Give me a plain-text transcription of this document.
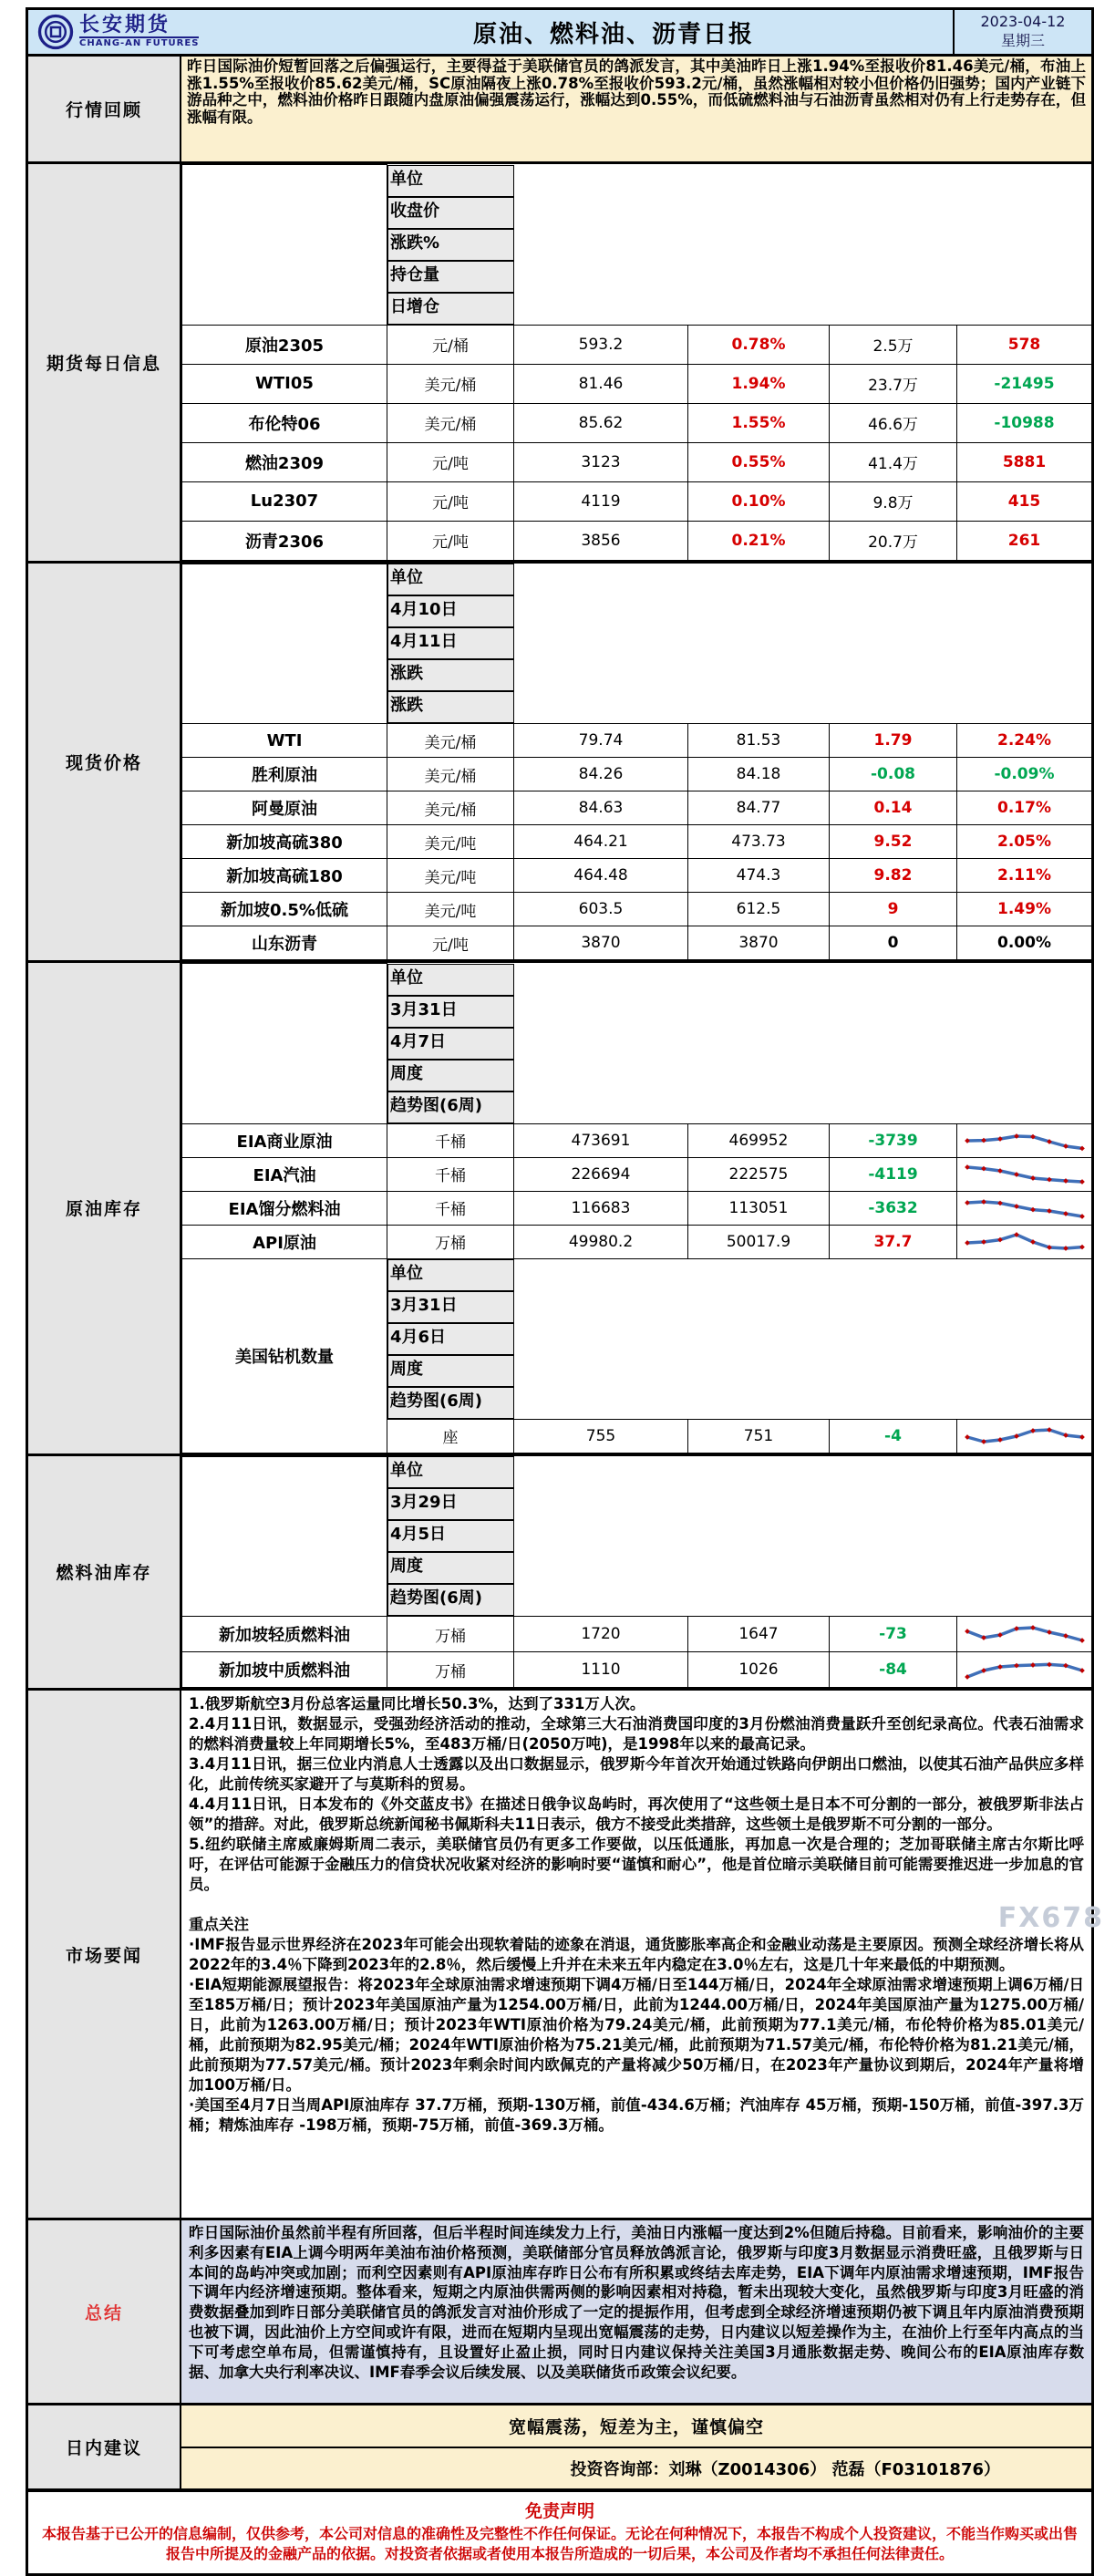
长安期货
CHANG-AN FUTURES	原油、燃料油、沥青日报	2023-04-12
星期三
行情回顾
昨日国际油价短暂回落之后偏强运行，主要得益于美联储官员的鸽派发言，其中美油昨日上涨1.94%至报收价81.46美元/桶，布油上涨1.55%至报收价85.62美元/桶，SC原油隔夜上涨0.78%至报收价593.2元/桶，虽然涨幅相对较小但价格仍旧强势；国内产业链下游品种之中，燃料油价格昨日跟随内盘原油偏强震荡运行，涨幅达到0.55%，而低硫燃料油与石油沥青虽然相对仍有上行走势存在，但涨幅有限。
期货每日信息

单位
收盘价
涨跌%
持仓量
日增仓

原油2305	元/桶	593.2	0.78%	2.5万	578
WTI05	美元/桶	81.46	1.94%	23.7万	-21495
布伦特06	美元/桶	85.62	1.55%	46.6万	-10988
燃油2309	元/吨	3123	0.55%	41.4万	5881
Lu2307	元/吨	4119	0.10%	9.8万	415
沥青2306	元/吨	3856	0.21%	20.7万	261
现货价格

单位
4月10日
4月11日
涨跌
涨跌

WTI	美元/桶	79.74	81.53	1.79	2.24%
胜利原油	美元/桶	84.26	84.18	-0.08	-0.09%
阿曼原油	美元/桶	84.63	84.77	0.14	0.17%
新加坡高硫380	美元/吨	464.21	473.73	9.52	2.05%
新加坡高硫180	美元/吨	464.48	474.3	9.82	2.11%
新加坡0.5%低硫	美元/吨	603.5	612.5	9	1.49%
山东沥青	元/吨	3870	3870	0	0.00%
原油库存

单位
3月31日
4月7日
周度
趋势图(6周)

EIA商业原油	千桶	473691	469952	-3739	

EIA汽油	千桶	226694	222575	-4119	

EIA馏分燃料油	千桶	116683	113051	-3632	

API原油	万桶	49980.2	50017.9	37.7	

美国钻机数量	
单位
3月31日
4月6日
周度
趋势图(6周)

	座	755	751	-4	
燃料油库存

单位
3月29日
4月5日
周度
趋势图(6周)

新加坡轻质燃料油	万桶	1720	1647	-73	

新加坡中质燃料油	万桶	1110	1026	-84	
市场要闻
1.俄罗斯航空3月份总客运量同比增长50.3%，达到了331万人次。
2.4月11日讯，数据显示，受强劲经济活动的推动，全球第三大石油消费国印度的3月份燃油消费量跃升至创纪录高位。代表石油需求的燃料消费量较上年同期增长5%，至483万桶/日(2050万吨)，是1998年以来的最高记录。
3.4月11日讯，据三位业内消息人士透露以及出口数据显示，俄罗斯今年首次开始通过铁路向伊朗出口燃油，以使其石油产品供应多样化，此前传统买家避开了与莫斯科的贸易。
4.4月11日讯，日本发布的《外交蓝皮书》在描述日俄争议岛屿时，再次使用了“这些领土是日本不可分割的一部分，被俄罗斯非法占领”的措辞。对此，俄罗斯总统新闻秘书佩斯科夫11日表示，俄方不接受此类措辞，这些领土是俄罗斯不可分割的一部分。
5.纽约联储主席威廉姆斯周二表示，美联储官员仍有更多工作要做，以压低通胀，再加息一次是合理的；芝加哥联储主席古尔斯比呼吁，在评估可能源于金融压力的信贷状况收紧对经济的影响时要“谨慎和耐心”，他是首位暗示美联储目前可能需要推迟进一步加息的官员。

重点关注
·IMF报告显示世界经济在2023年可能会出现软着陆的迹象在消退，通货膨胀率高企和金融业动荡是主要原因。预测全球经济增长将从2022年的3.4％下降到2023年的2.8％，然后缓慢上升并在未来五年内稳定在3.0％左右，这是几十年来最低的中期预测。
·EIA短期能源展望报告：将2023年全球原油需求增速预期下调4万桶/日至144万桶/日，2024年全球原油需求增速预期上调6万桶/日至185万桶/日；预计2023年美国原油产量为1254.00万桶/日，此前为1244.00万桶/日，2024年美国原油产量为1275.00万桶/日，此前为1263.00万桶/日；预计2023年WTI原油价格为79.24美元/桶，此前预期为77.1美元/桶，布伦特价格为85.01美元/桶，此前预期为82.95美元/桶；2024年WTI原油价格为75.21美元/桶，此前预期为71.57美元/桶，布伦特价格为81.21美元/桶，此前预期为77.57美元/桶。预计2023年剩余时间内欧佩克的产量将减少50万桶/日，在2023年产量协议到期后，2024年产量将增加100万桶/日。
·美国至4月7日当周API原油库存 37.7万桶，预期-130万桶，前值-434.6万桶；汽油库存 45万桶，预期-150万桶，前值-397.3万桶；精炼油库存 -198万桶，预期-75万桶，前值-369.3万桶。
总结
昨日国际油价虽然前半程有所回落，但后半程时间连续发力上行，美油日内涨幅一度达到2%但随后持稳。目前看来，影响油价的主要利多因素有EIA上调今明两年美油布油价格预测，美联储部分官员释放鸽派言论，俄罗斯与印度3月数据显示消费旺盛，且俄罗斯与日本间的岛屿冲突或加剧；而利空因素则有API原油库存昨日公布有所积累或终结去库走势，EIA下调年内原油需求增速预期，IMF报告下调年内经济增速预期。整体看来，短期之内原油供需两侧的影响因素相对持稳，暂未出现较大变化，虽然俄罗斯与印度3月旺盛的消费数据叠加到昨日部分美联储官员的鸽派发言对油价形成了一定的提振作用，但考虑到全球经济增速预期仍被下调且年内原油消费预期也被下调，因此油价上方空间或许有限，进而在短期内呈现出宽幅震荡的走势，日内建议以短差操作为主，在油价上行至年内高点的当下可考虑空单布局，但需谨慎持有，且设置好止盈止损，同时日内建议保持关注美国3月通胀数据走势、晚间公布的EIA原油库存数据、加拿大央行利率决议、IMF春季会议后续发展、以及美联储货币政策会议纪要。
日内建议
宽幅震荡，短差为主，谨慎偏空
投资咨询部：刘琳（Z0014306） 范磊（F03101876）
免责声明
本报告基于已公开的信息编制，仅供参考，本公司对信息的准确性及完整性不作任何保证。无论在何种情况下，本报告不构成个人投资建议，不能当作购买或出售报告中所提及的金融产品的依据。对投资者依据或者使用本报告所造成的一切后果，本公司及作者均不承担任何法律责任。
FX678
